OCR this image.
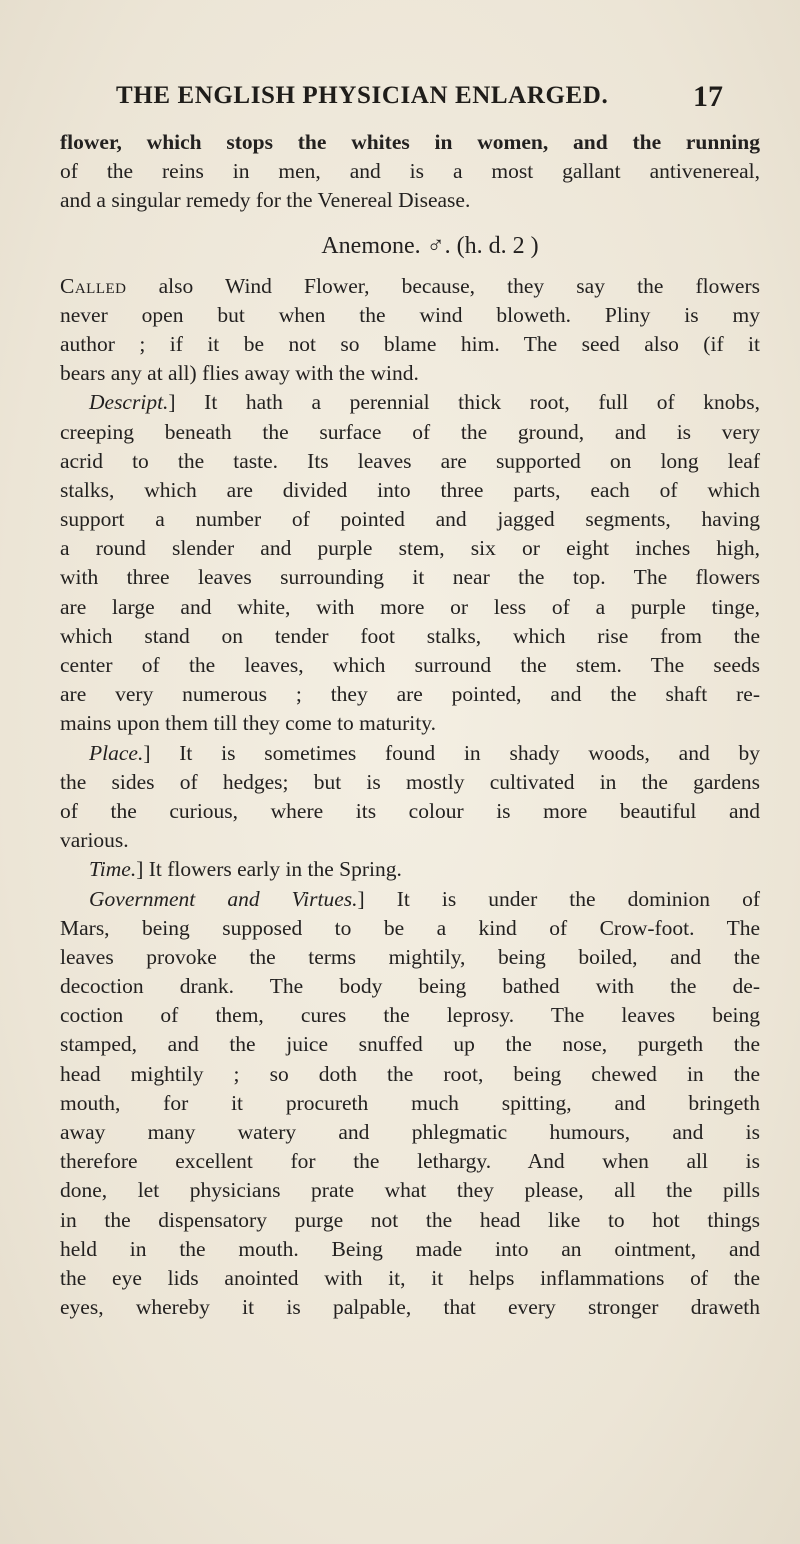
THE ENGLISH PHYSICIAN ENLARGED.	17
flower, which stops the whites in women, and the running
of the reins in men, and is a most gallant antivenereal,
and a singular remedy for the Venereal Disease.
Anemone. ♂. (h. d. 2 )
Called also Wind Flower, because, they say the flowers
never open but when the wind bloweth. Pliny is my
author ; if it be not so blame him. The seed also (if it
bears any at all) flies away with the wind.
Descript.] It hath a perennial thick root, full of knobs,
creeping beneath the surface of the ground, and is very
acrid to the taste. Its leaves are supported on long leaf
stalks, which are divided into three parts, each of which
support a number of pointed and jagged segments, having
a round slender and purple stem, six or eight inches high,
with three leaves surrounding it near the top. The flowers
are large and white, with more or less of a purple tinge,
which stand on tender foot stalks, which rise from the
center of the leaves, which surround the stem. The seeds
are very numerous ; they are pointed, and the shaft re-
mains upon them till they come to maturity.
Place.] It is sometimes found in shady woods, and by
the sides of hedges; but is mostly cultivated in the gardens
of the curious, where its colour is more beautiful and
various.
Time.] It flowers early in the Spring.
Government and Virtues.] It is under the dominion of
Mars, being supposed to be a kind of Crow-foot. The
leaves provoke the terms mightily, being boiled, and the
decoction drank. The body being bathed with the de-
coction of them, cures the leprosy. The leaves being
stamped, and the juice snuffed up the nose, purgeth the
head mightily ; so doth the root, being chewed in the
mouth, for it procureth much spitting, and bringeth
away many watery and phlegmatic humours, and is
therefore excellent for the lethargy. And when all is
done, let physicians prate what they please, all the pills
in the dispensatory purge not the head like to hot things
held in the mouth. Being made into an ointment, and
the eye lids anointed with it, it helps inflammations of the
eyes, whereby it is palpable, that every stronger draweth
